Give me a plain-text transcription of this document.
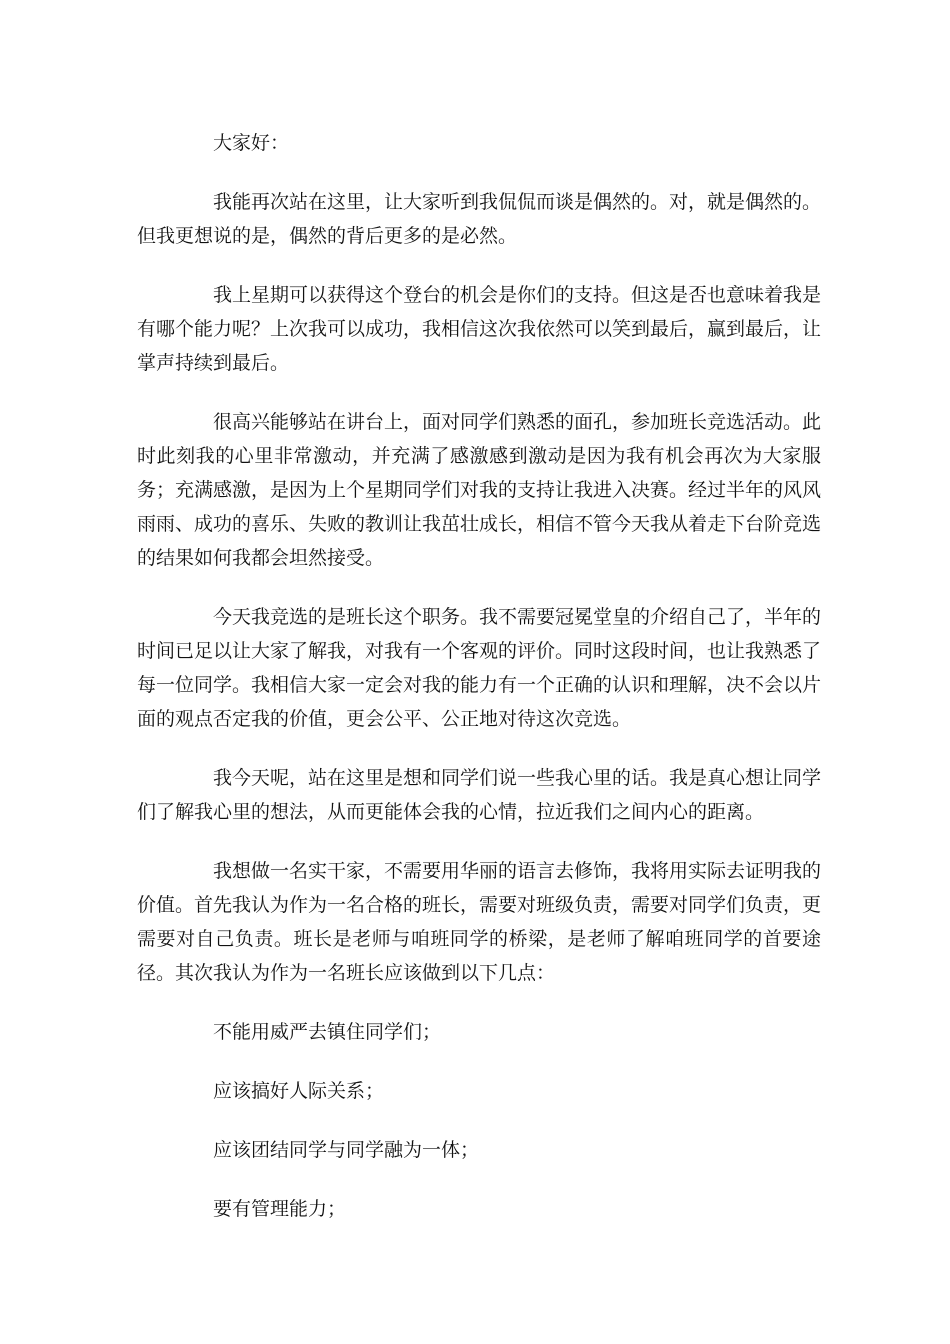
大家好：

我能再次站在这里，让大家听到我侃侃而谈是偶然的。对，就是偶然的。但我更想说的是，偶然的背后更多的是必然。

我上星期可以获得这个登台的机会是你们的支持。但这是否也意味着我是有哪个能力呢？上次我可以成功，我相信这次我依然可以笑到最后，赢到最后，让掌声持续到最后。

很高兴能够站在讲台上，面对同学们熟悉的面孔，参加班长竞选活动。此时此刻我的心里非常激动，并充满了感激感到激动是因为我有机会再次为大家服务；充满感激，是因为上个星期同学们对我的支持让我进入决赛。经过半年的风风雨雨、成功的喜乐、失败的教训让我茁壮成长，相信不管今天我从着走下台阶竞选的结果如何我都会坦然接受。

今天我竞选的是班长这个职务。我不需要冠冕堂皇的介绍自己了，半年的时间已足以让大家了解我，对我有一个客观的评价。同时这段时间，也让我熟悉了每一位同学。我相信大家一定会对我的能力有一个正确的认识和理解，决不会以片面的观点否定我的价值，更会公平、公正地对待这次竞选。

我今天呢，站在这里是想和同学们说一些我心里的话。我是真心想让同学们了解我心里的想法，从而更能体会我的心情，拉近我们之间内心的距离。

我想做一名实干家，不需要用华丽的语言去修饰，我将用实际去证明我的价值。首先我认为作为一名合格的班长，需要对班级负责，需要对同学们负责，更需要对自己负责。班长是老师与咱班同学的桥梁，是老师了解咱班同学的首要途径。其次我认为作为一名班长应该做到以下几点：

不能用威严去镇住同学们；

应该搞好人际关系；

应该团结同学与同学融为一体；

要有管理能力；
